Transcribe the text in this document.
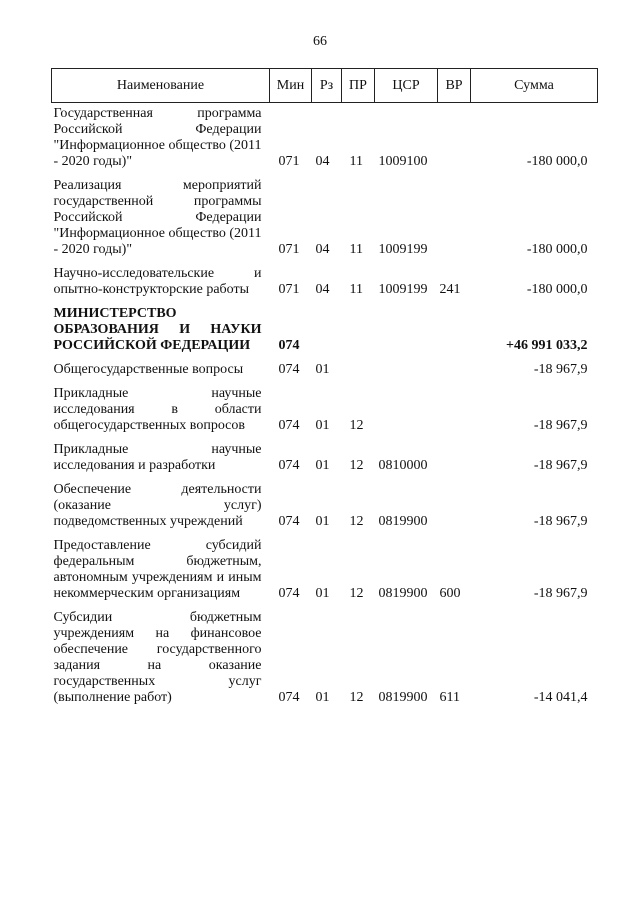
66
Наименование	Мин	Рз	ПР	ЦСР	ВР	Сумма
Государственная программа Российской Федерации "Информационное общество (2011 - 2020 годы)"	071	04	11	1009100		-180 000,0
Реализация мероприятий государственной программы Российской Федерации "Информационное общество (2011 - 2020 годы)"	071	04	11	1009199		-180 000,0
Научно-исследовательские и опытно-конструкторские работы	071	04	11	1009199	241	-180 000,0
МИНИСТЕРСТВО ОБРАЗОВАНИЯ И НАУКИ РОССИЙСКОЙ ФЕДЕРАЦИИ	074					+46 991 033,2
Общегосударственные вопросы	074	01				-18 967,9
Прикладные научные исследования в области общегосударственных вопросов	074	01	12			-18 967,9
Прикладные научные исследования и разработки	074	01	12	0810000		-18 967,9
Обеспечение деятельности (оказание услуг) подведомственных учреждений	074	01	12	0819900		-18 967,9
Предоставление субсидий федеральным бюджетным, автономным учреждениям и иным некоммерческим организациям	074	01	12	0819900	600	-18 967,9
Субсидии бюджетным учреждениям на финансовое обеспечение государственного задания на оказание государственных услуг (выполнение работ)	074	01	12	0819900	611	-14 041,4
